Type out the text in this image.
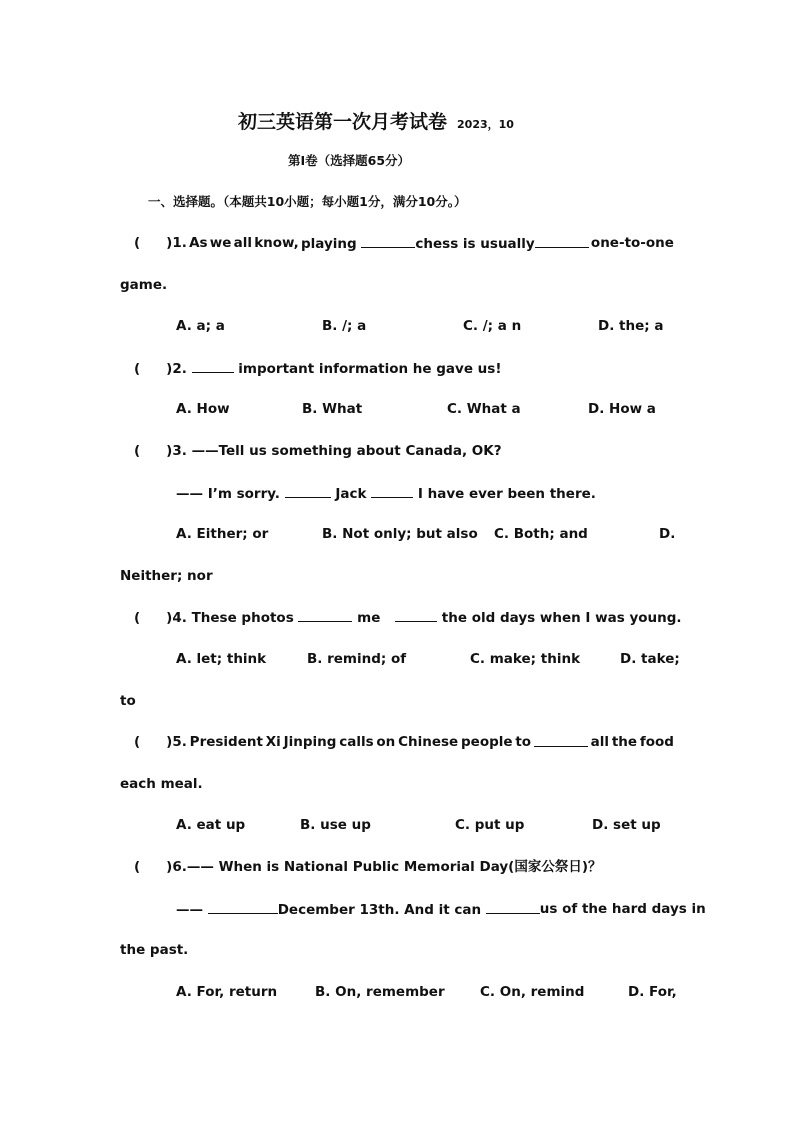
初三英语第一次月考试卷 2023，10
第Ⅰ卷（选择题65分）
一、选择题。（本题共10小题；每小题1分，满分10分。）
( )1. As we all know, playing	chess is usually	one-to-one
game.
A. a; a	B. /; a	C. /; a n	D. the; a
( )2.	important information he gave us!
A. How	B. What	C. What a	D. How a
( )3. ——Tell us something about Canada, OK?
—— I’m sorry.	Jack	I have ever been there.
A. Either; or	B. Not only; but also C. Both; and	D.
Neither; nor
( )4. These photos	me	the old days when I was young.
A. let; think	B. remind; of	C. make; think	D. take;
to
( )5. President Xi Jinping calls on Chinese people to	all the food
each meal.
A. eat up	B. use up	C. put up	D. set up
( )6.—— When is National Public Memorial Day(国家公祭日)？
——	December 13th. And it can	us of the hard days in
the past.
A. For, return	B. On, remember	C. On, remind	D. For,
